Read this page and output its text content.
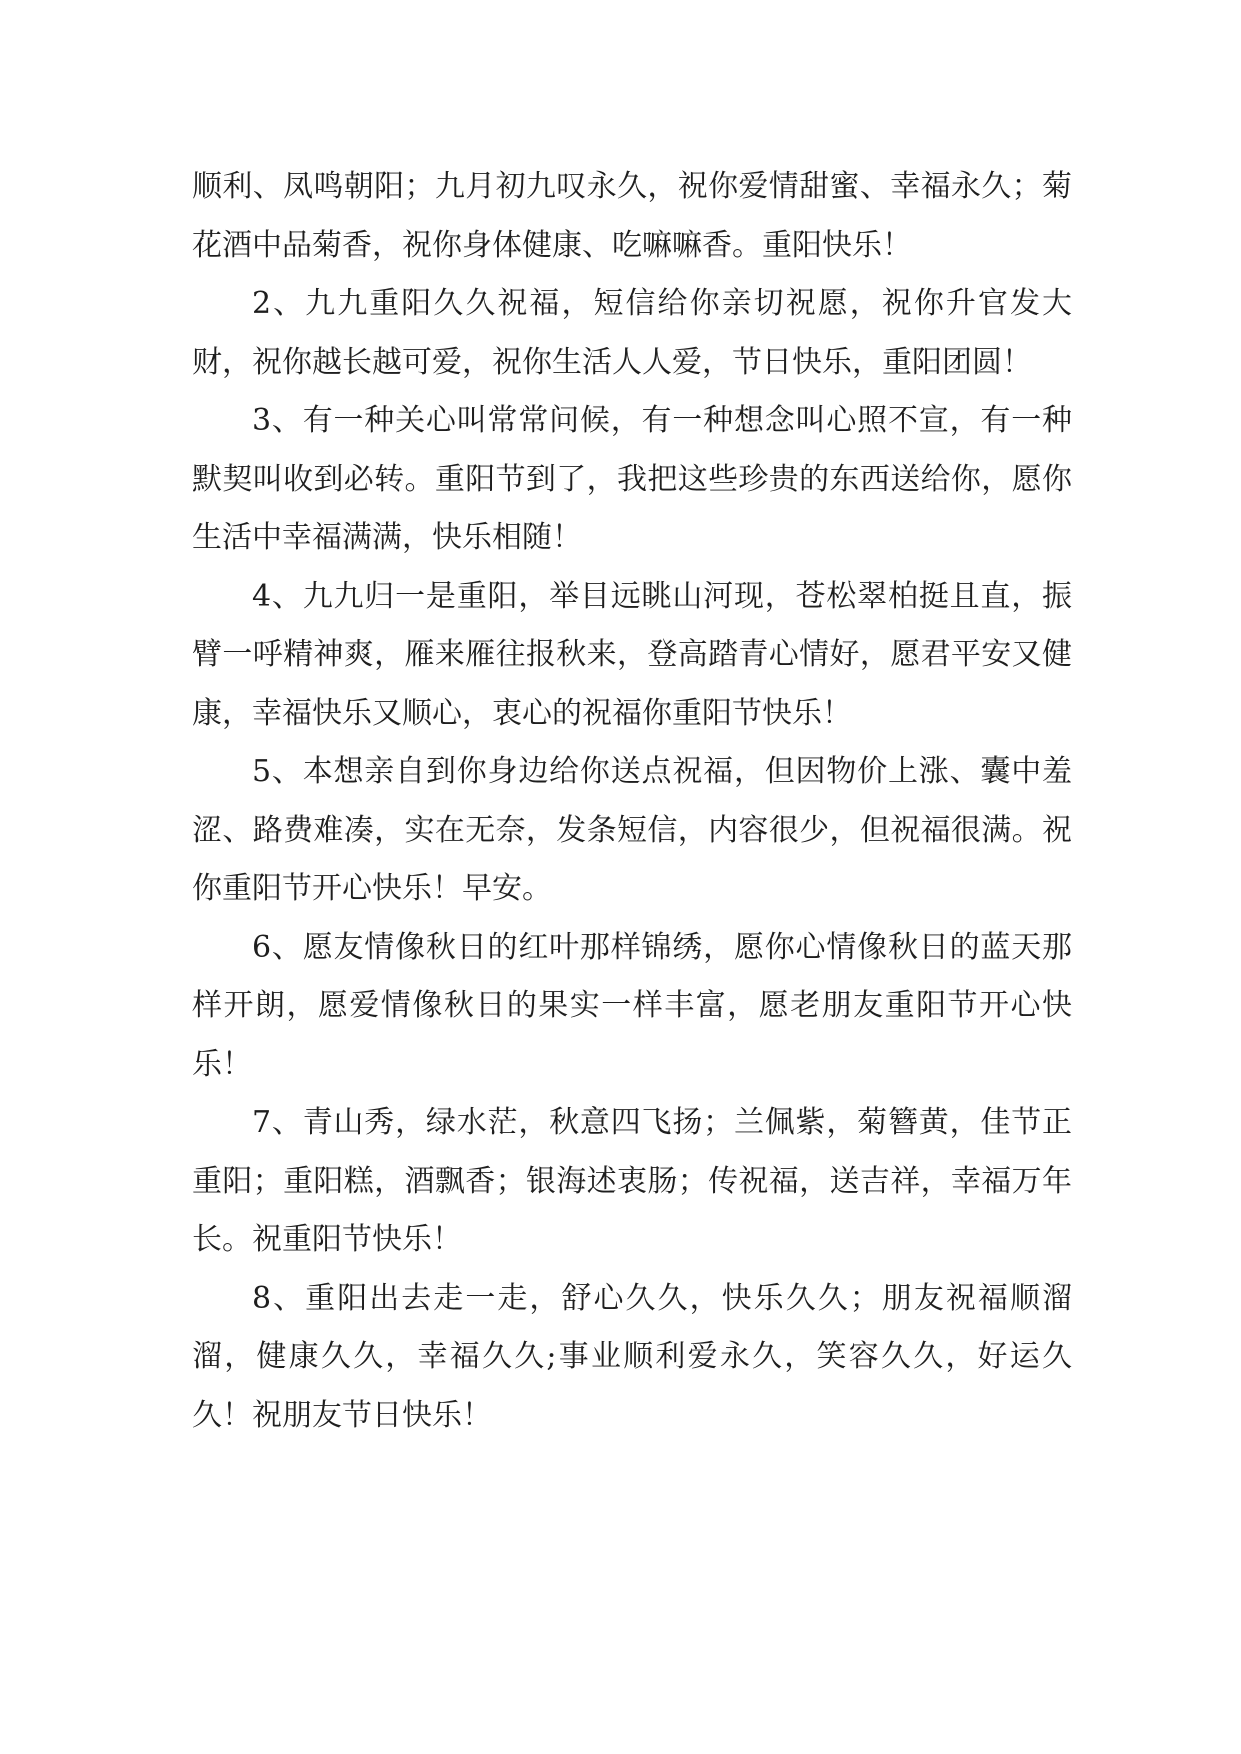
顺利、凤鸣朝阳；九月初九叹永久，祝你爱情甜蜜、幸福永久；菊花酒中品菊香，祝你身体健康、吃嘛嘛香。重阳快乐！

2、九九重阳久久祝福，短信给你亲切祝愿，祝你升官发大财，祝你越长越可爱，祝你生活人人爱，节日快乐，重阳团圆！

3、有一种关心叫常常问候，有一种想念叫心照不宣，有一种默契叫收到必转。重阳节到了，我把这些珍贵的东西送给你，愿你生活中幸福满满，快乐相随！

4、九九归一是重阳，举目远眺山河现，苍松翠柏挺且直，振臂一呼精神爽，雁来雁往报秋来，登高踏青心情好，愿君平安又健康，幸福快乐又顺心，衷心的祝福你重阳节快乐！

5、本想亲自到你身边给你送点祝福，但因物价上涨、囊中羞涩、路费难凑，实在无奈，发条短信，内容很少，但祝福很满。祝你重阳节开心快乐！早安。

6、愿友情像秋日的红叶那样锦绣，愿你心情像秋日的蓝天那样开朗，愿爱情像秋日的果实一样丰富，愿老朋友重阳节开心快乐！

7、青山秀，绿水茫，秋意四飞扬；兰佩紫，菊簪黄，佳节正重阳；重阳糕，酒飘香；银海述衷肠；传祝福，送吉祥，幸福万年长。祝重阳节快乐！

8、重阳出去走一走，舒心久久，快乐久久；朋友祝福顺溜溜，健康久久，幸福久久;事业顺利爱永久，笑容久久，好运久久！祝朋友节日快乐！
